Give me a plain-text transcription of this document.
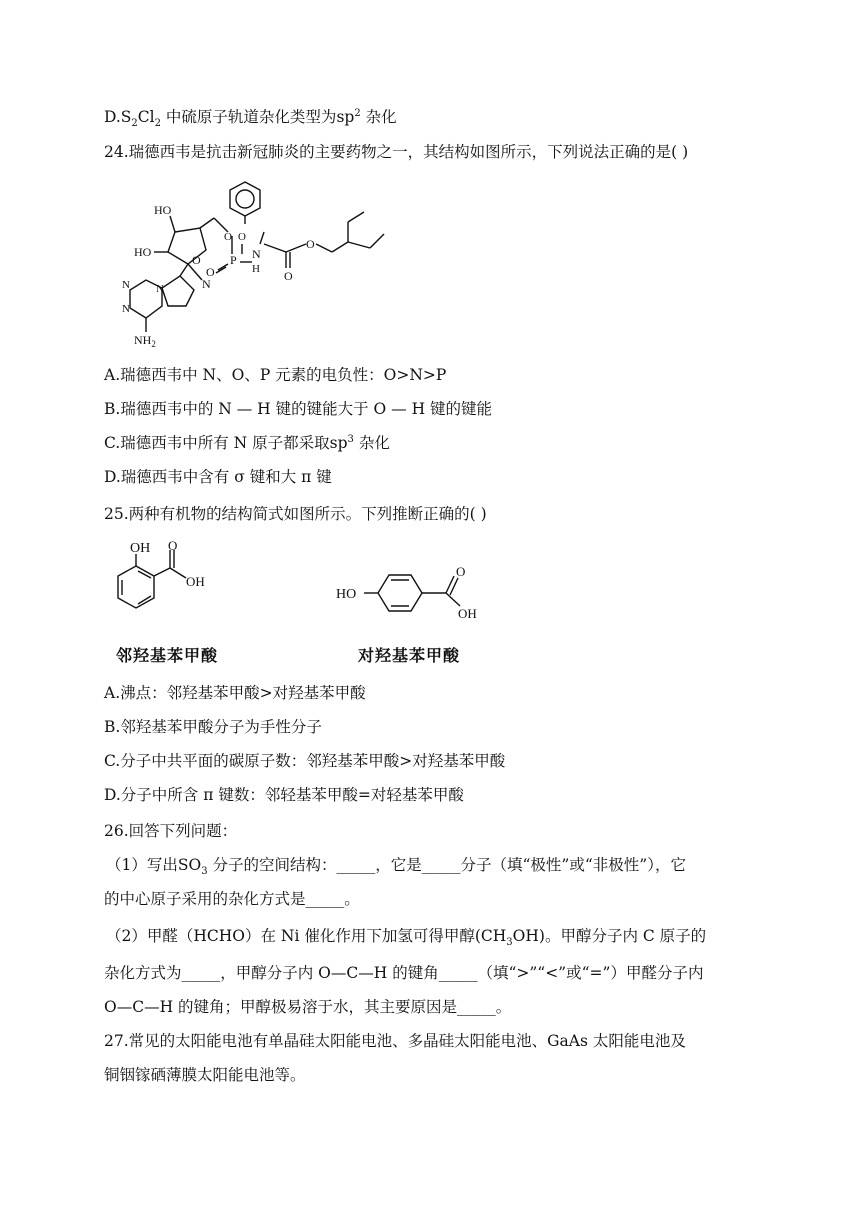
$D.S_2Cl_2$ 中硫原子轨道杂化类型为$sp^2$ 杂化
24.瑞德西韦是抗击新冠肺炎的主要药物之一，其结构如图所示，下列说法正确的是( )
HO
HO
O
O O
P
O
N
H
O
O
N
N
N
N
$NH_2$
A.瑞德西韦中 N、O、P 元素的电负性：O>N>P
B.瑞德西韦中的 N — H 键的键能大于 O — H 键的键能
C.瑞德西韦中所有 N 原子都采取$sp^3$ 杂化
D.瑞德西韦中含有 σ 键和大 π 键
25.两种有机物的结构简式如图所示。下列推断正确的( )
OH O
OH
HO
O
OH
邻羟基苯甲酸	对羟基苯甲酸
A.沸点：邻羟基苯甲酸>对羟基苯甲酸
B.邻羟基苯甲酸分子为手性分子
C.分子中共平面的碳原子数：邻羟基苯甲酸>对羟基苯甲酸
D.分子中所含 π 键数：邻轻基苯甲酸=对轻基苯甲酸
26.回答下列问题：
（1）写出$SO_3$ 分子的空间结构：_____，它是_____分子（填“极性”或“非极性”），它
的中心原子采用的杂化方式是_____。
（2）甲醛（HCHO）在 Ni 催化作用下加氢可得甲醇$(CH_3OH)$。甲醇分子内 C 原子的
杂化方式为_____，甲醇分子内 O—C—H 的键角_____（填“>”“<”或“=”）甲醛分子内
O—C—H 的键角；甲醇极易溶于水，其主要原因是_____。
27.常见的太阳能电池有单晶硅太阳能电池、多晶硅太阳能电池、GaAs 太阳能电池及
铜铟镓硒薄膜太阳能电池等。
